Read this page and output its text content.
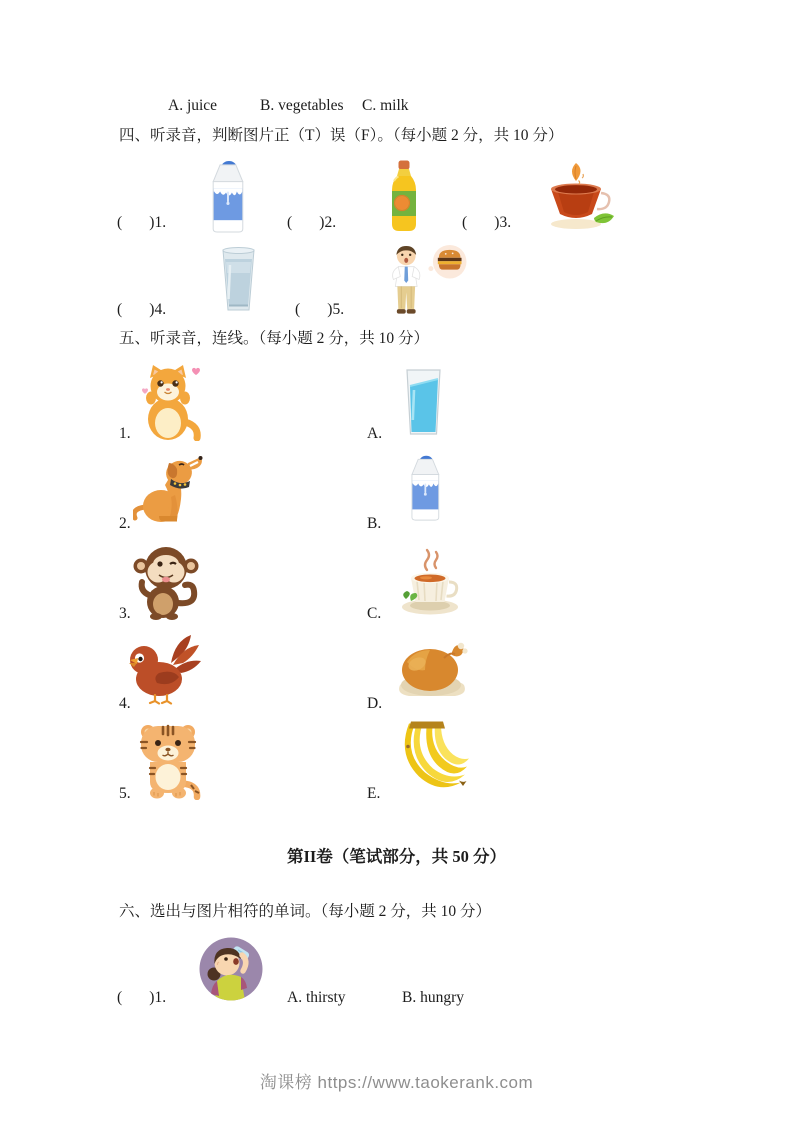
A. juice	B. vegetables C. milk
四、听录音，判断图片正（T）误（F）。（每小题 2 分，共 10 分）
(       )1.	(       )2.	(       )3.
(       )4.	(       )5.
五、听录音，连线。（每小题 2 分，共 10 分）
1.	A.
2.	B.
3.	C.
4.	D.
5.	E.
第II卷（笔试部分，共 50 分）
六、选出与图片相符的单词。（每小题 2 分，共 10 分）
(       )1.	A. thirsty	B. hungry
淘课榜 https://www.taokerank.com
